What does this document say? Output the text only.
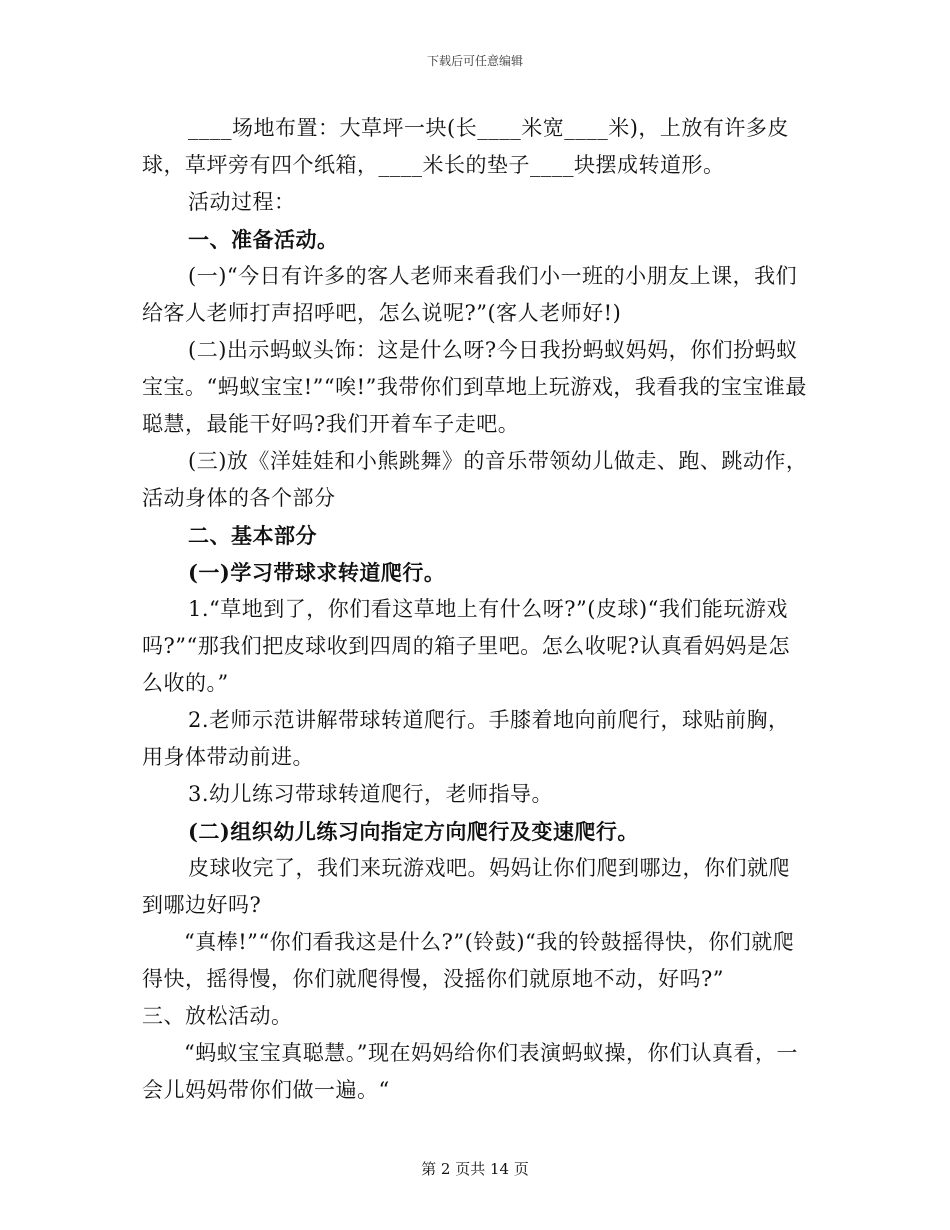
下载后可任意编辑

____场地布置：大草坪一块(长____米宽____米)，上放有许多皮球，草坪旁有四个纸箱，____米长的垫子____块摆成转道形。

活动过程：

一、准备活动。

(一)“今日有许多的客人老师来看我们小一班的小朋友上课，我们给客人老师打声招呼吧，怎么说呢?”(客人老师好!)

(二)出示蚂蚁头饰：这是什么呀?今日我扮蚂蚁妈妈，你们扮蚂蚁宝宝。“蚂蚁宝宝!”“唉!”我带你们到草地上玩游戏，我看我的宝宝谁最聪慧，最能干好吗?我们开着车子走吧。

(三)放《洋娃娃和小熊跳舞》的音乐带领幼儿做走、跑、跳动作，活动身体的各个部分

二、基本部分

(一)学习带球求转道爬行。

1.“草地到了，你们看这草地上有什么呀?”(皮球)“我们能玩游戏吗?”“那我们把皮球收到四周的箱子里吧。怎么收呢?认真看妈妈是怎么收的。”

2.老师示范讲解带球转道爬行。手膝着地向前爬行，球贴前胸，用身体带动前进。

3.幼儿练习带球转道爬行，老师指导。

(二)组织幼儿练习向指定方向爬行及变速爬行。

皮球收完了，我们来玩游戏吧。妈妈让你们爬到哪边，你们就爬到哪边好吗?

“真棒!”“你们看我这是什么?”(铃鼓)“我的铃鼓摇得快，你们就爬得快，摇得慢，你们就爬得慢，没摇你们就原地不动，好吗?”

三、放松活动。

“蚂蚁宝宝真聪慧。”现在妈妈给你们表演蚂蚁操，你们认真看，一会儿妈妈带你们做一遍。“

第 2 页共 14 页
